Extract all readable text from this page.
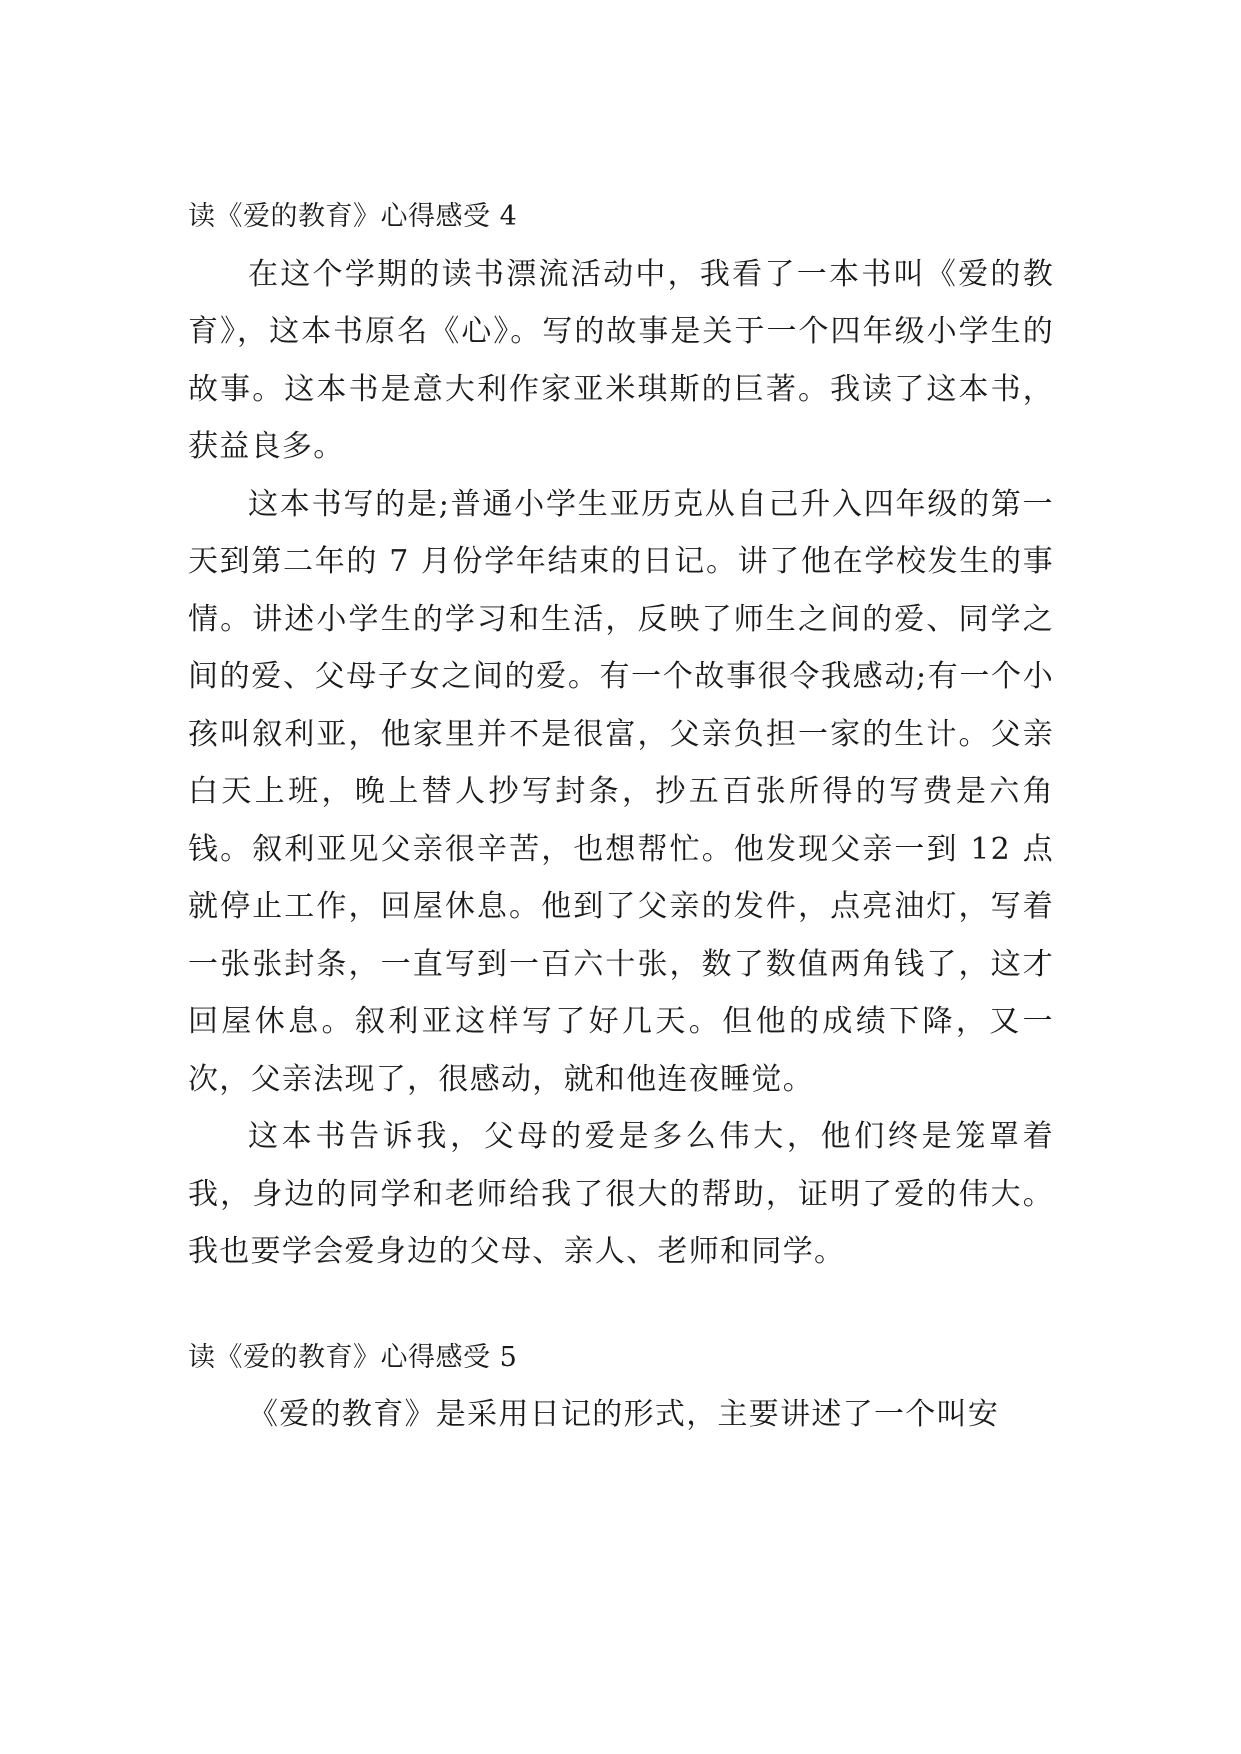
读《爱的教育》心得感受 4

在这个学期的读书漂流活动中，我看了一本书叫《爱的教育》，这本书原名《心》。写的故事是关于一个四年级小学生的故事。这本书是意大利作家亚米琪斯的巨著。我读了这本书，获益良多。

这本书写的是;普通小学生亚历克从自己升入四年级的第一天到第二年的 7 月份学年结束的日记。讲了他在学校发生的事情。讲述小学生的学习和生活，反映了师生之间的爱、同学之间的爱、父母子女之间的爱。有一个故事很令我感动;有一个小孩叫叙利亚，他家里并不是很富，父亲负担一家的生计。父亲白天上班，晚上替人抄写封条，抄五百张所得的写费是六角钱。叙利亚见父亲很辛苦，也想帮忙。他发现父亲一到 12 点就停止工作，回屋休息。他到了父亲的发件，点亮油灯，写着一张张封条，一直写到一百六十张，数了数值两角钱了，这才回屋休息。叙利亚这样写了好几天。但他的成绩下降，又一次，父亲法现了，很感动，就和他连夜睡觉。

这本书告诉我，父母的爱是多么伟大，他们终是笼罩着我，身边的同学和老师给我了很大的帮助，证明了爱的伟大。我也要学会爱身边的父母、亲人、老师和同学。

读《爱的教育》心得感受 5

《爱的教育》是采用日记的形式，主要讲述了一个叫安
